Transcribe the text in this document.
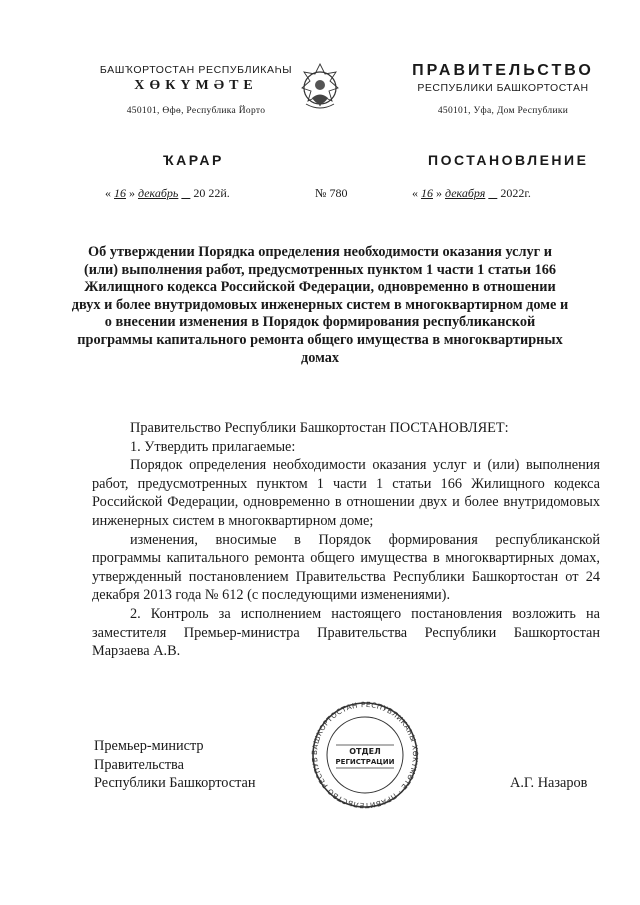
БАШҠОРТОСТАН РЕСПУБЛИКАҺЫ
ХӨКҮМӘТЕ
450101, Өфө, Республика Йорто
ПРАВИТЕЛЬСТВО
РЕСПУБЛИКИ БАШКОРТОСТАН
450101, Уфа, Дом Республики
ҠАРАР	ПОСТАНОВЛЕНИЕ
« 16 » декабрь 20 22й.	№ 780	« 16 » декабря 2022г.
Об утверждении Порядка определения необходимости оказания услуг и (или) выполнения работ, предусмотренных пунктом 1 части 1 статьи 166 Жилищного кодекса Российской Федерации, одновременно в отношении двух и более внутридомовых инженерных систем в многоквартирном доме и о внесении изменения в Порядок формирования республиканской программы капитального ремонта общего имущества в многоквартирных домах

Правительство Республики Башкортостан ПОСТАНОВЛЯЕТ:

1. Утвердить прилагаемые:

Порядок определения необходимости оказания услуг и (или) выполнения работ, предусмотренных пунктом 1 части 1 статьи 166 Жилищного кодекса Российской Федерации, одновременно в отношении двух и более внутридомовых инженерных систем в многоквартирном доме;

изменения, вносимые в Порядок формирования республиканской программы капитального ремонта общего имущества в многоквартирных домах, утвержденный постановлением Правительства Республики Башкортостан от 24 декабря 2013 года № 612 (с последующими изменениями).

2. Контроль за исполнением настоящего постановления возложить на заместителя Премьер-министра Правительства Республики Башкортостан Марзаева А.В.

Премьер-министр
Правительства
Республики Башкортостан	А.Г. Назаров
БАШКОРТОСТАН РЕСПУБЛИКАҺЫ ХӨКҮМӘТЕ · ПРАВИТЕЛЬСТВО РЕСПУБ
ОТДЕЛ
РЕГИСТРАЦИИ
